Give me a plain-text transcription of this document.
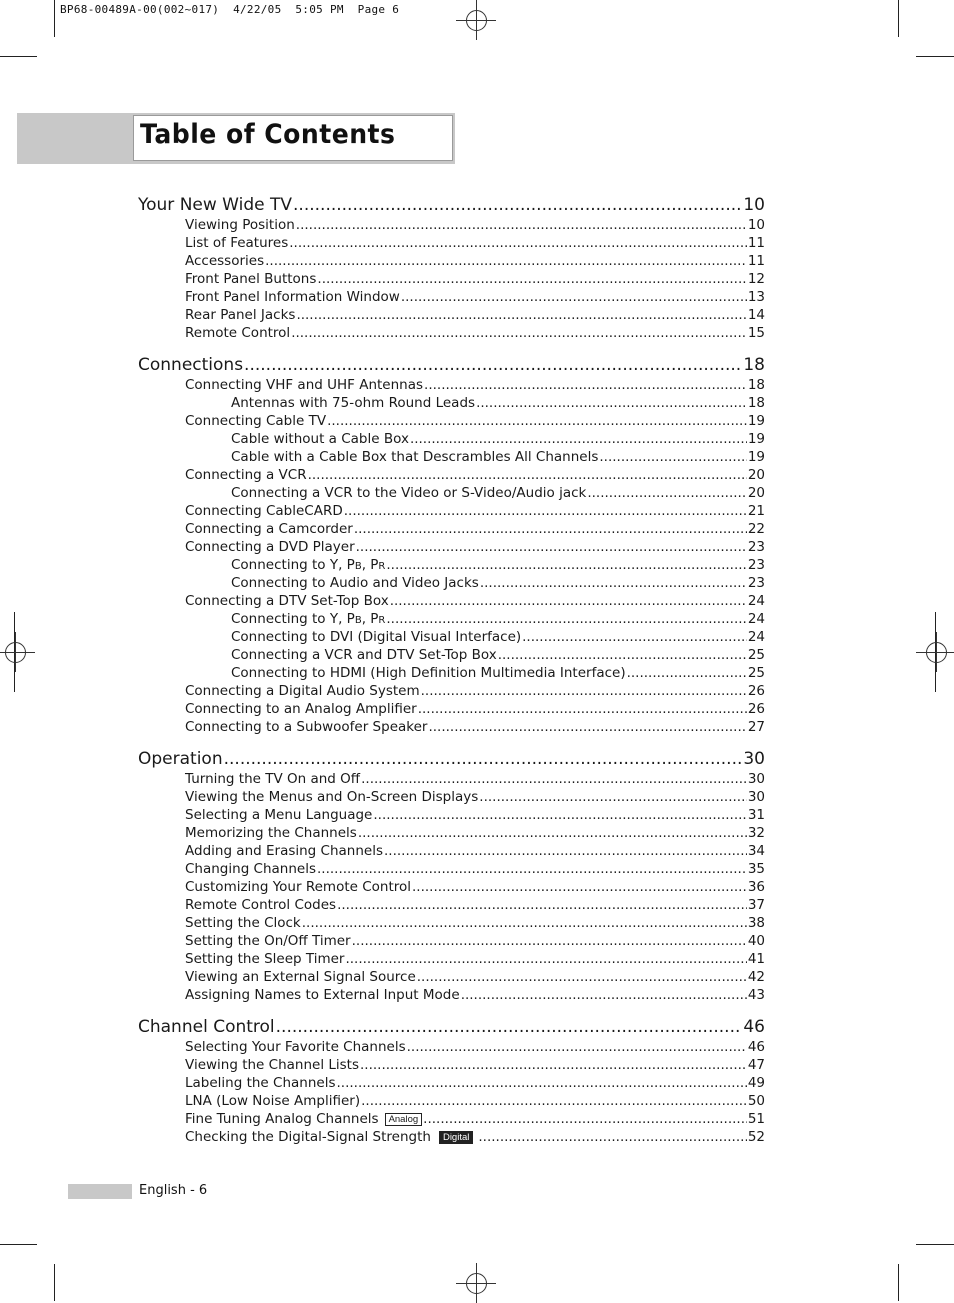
BP68-00489A-00(002~017)  4/22/05  5:05 PM  Page 6
Table of Contents
Your New Wide TV .....	10
Viewing Position .....	10
List of Features .....	11
Accessories .....	11
Front Panel Buttons .....	12
Front Panel Information Window .....	13
Rear Panel Jacks .....	14
Remote Control .....	15
Connections .....	18
Connecting VHF and UHF Antennas .....	18
Antennas with 75-ohm Round Leads .....	18
Connecting Cable TV .....	19
Cable without a Cable Box .....	19
Cable with a Cable Box that Descrambles All Channels .....	19
Connecting a VCR .....	20
Connecting a VCR to the Video or S-Video/Audio jack .....	20
Connecting CableCARD .....	21
Connecting a Camcorder .....	22
Connecting a DVD Player .....	23
Connecting to Y, PB, PR .....	23
Connecting to Audio and Video Jacks .....	23
Connecting a DTV Set-Top Box .....	24
Connecting to Y, PB, PR .....	24
Connecting to DVI (Digital Visual Interface) .....	24
Connecting a VCR and DTV Set-Top Box .....	25
Connecting to HDMI (High Definition Multimedia Interface) .....	25
Connecting a Digital Audio System .....	26
Connecting to an Analog Amplifier .....	26
Connecting to a Subwoofer Speaker .....	27
Operation .....	30
Turning the TV On and Off .....	30
Viewing the Menus and On-Screen Displays .....	30
Selecting a Menu Language .....	31
Memorizing the Channels .....	32
Adding and Erasing Channels .....	34
Changing Channels .....	35
Customizing Your Remote Control .....	36
Remote Control Codes .....	37
Setting the Clock .....	38
Setting the On/Off Timer .....	40
Setting the Sleep Timer .....	41
Viewing an External Signal Source .....	42
Assigning Names to External Input Mode .....	43
Channel Control .....	46
Selecting Your Favorite Channels .....	46
Viewing the Channel Lists .....	47
Labeling the Channels .....	49
LNA (Low Noise Amplifier) .....	50
Fine Tuning Analog Channels Analog .....	51
Checking the Digital-Signal Strength Digital .....	52
English - 6
